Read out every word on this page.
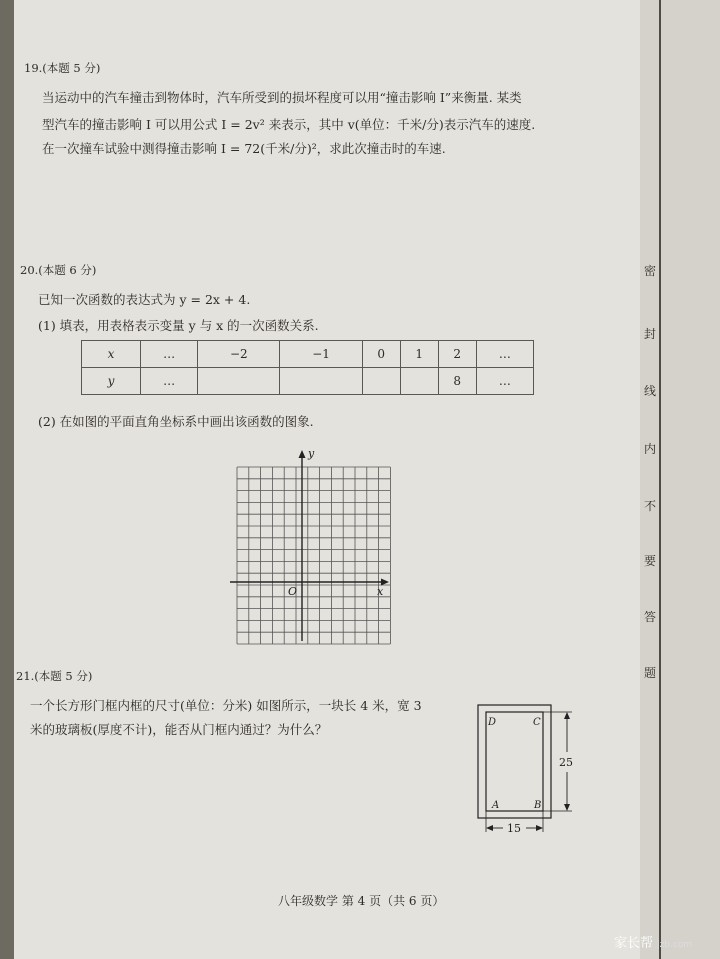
19.(本题 5 分)
当运动中的汽车撞击到物体时，汽车所受到的损坏程度可以用“撞击影响 I”来衡量. 某类
型汽车的撞击影响 I 可以用公式 I = 2v² 来表示，其中 v(单位：千米/分)表示汽车的速度.
在一次撞车试验中测得撞击影响 I = 72(千米/分)²，求此次撞击时的车速.
20.(本题 6 分)
已知一次函数的表达式为 y = 2x + 4.
(1) 填表，用表格表示变量 y 与 x 的一次函数关系.
x	…	−2	−1	0	1	2	…
y	…					8	…
(2) 在如图的平面直角坐标系中画出该函数的图象.
x
y
O
21.(本题 5 分)
一个长方形门框内框的尺寸(单位：分米) 如图所示，一块长 4 米，宽 3
米的玻璃板(厚度不计)，能否从门框内通过？为什么？	D	C
A	B
25
15
密
封
线
内
不
要
答
题
八年级数学 第 4 页（共 6 页）
家长帮 jzb.com
